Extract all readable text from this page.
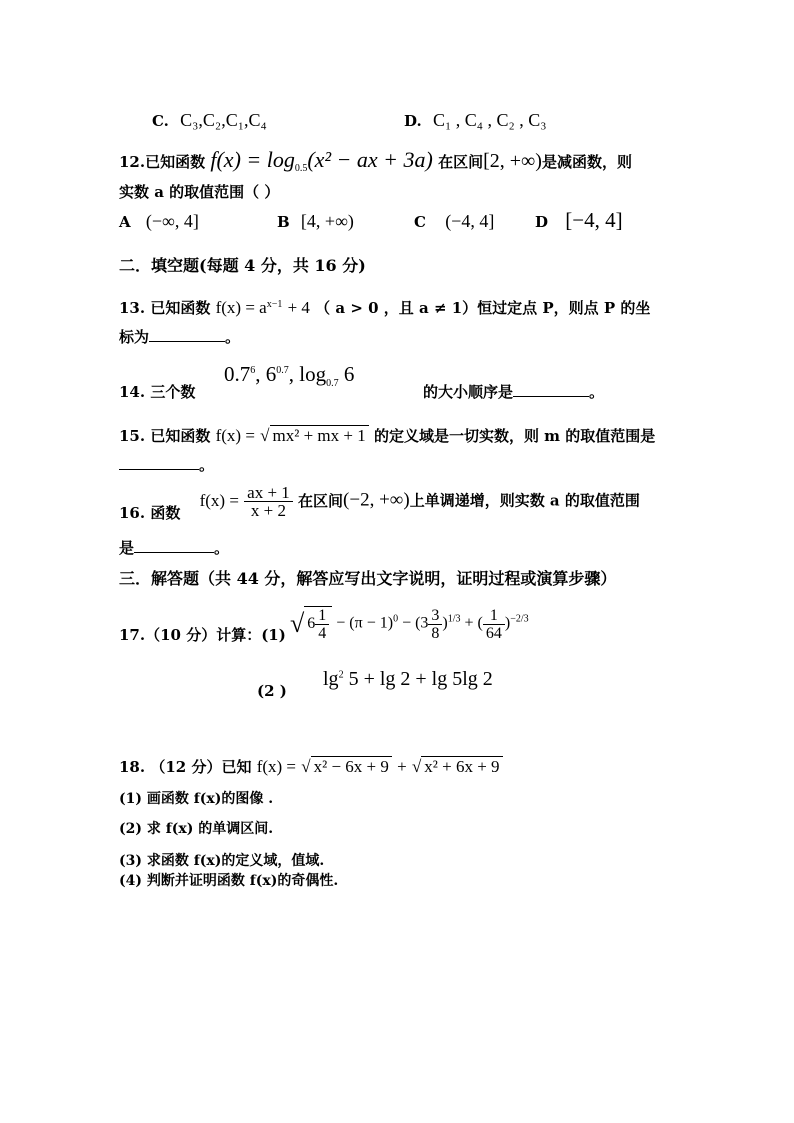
C. C₃,C₂,C₁,C₄	D. C₁ , C₄ , C₂ , C₃
12.已知函数 $f(x) = \log_{0.5}(x^2$ − ax + 3a) 在区间[2, +∞)是减函数，则
实数 a 的取值范围（ ）
A (−∞, 4]	B [4, +∞)	C (−4, 4]	D [−4, 4]
二．填空题(每题 4 分，共 16 分)
13. 已知函数 $f(x) = a^{x-1} + 4$ （ a > 0 ，且 a ≠ 1）恒过定点 P，则点 P 的坐
标为	。
14. 三个数
$0.7^6$, $6^{0.7}$, $\log_{0.7} 6$
的大小顺序是	。
15. 已知函数 f(x) = √ mx² + mx + 1 的定义域是一切实数，则 m 的取值范围是
。
16. 函数 $f(x) = \frac{ax + 1}{x + 2}$ 在区间(−2, +∞)上单调递增，则实数 a 的取值范围
是	。
三．解答题（共 44 分，解答应写出文字说明，证明过程或演算步骤）
17.（10 分）计算：(1) √ $6 \frac{1}{4} - (\pi - 1)^0 - (3 \frac{3}{8} )^{1/3}$ + ( $\frac{1}{64} )^{-2/3}$
(2 )
$\lg^2 5 + \lg 2 + \lg 5\lg$ 2
18. （12 分）已知 f(x) = √ x² − 6x + 9 + √ x² + 6x + 9
(1) 画函数 f(x)的图像 .
(2) 求 f(x) 的单调区间.
(3) 求函数 f(x)的定义域，值域.
(4) 判断并证明函数 f(x)的奇偶性.
